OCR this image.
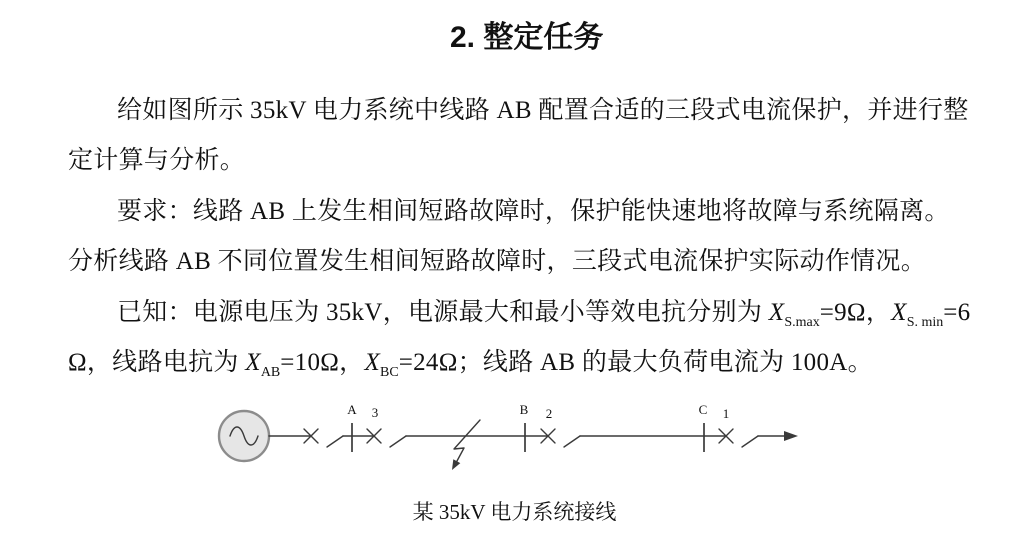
2. 整定任务
给如图所示 35kV 电力系统中线路 AB 配置合适的三段式电流保护，并进行整
定计算与分析。
要求：线路 AB 上发生相间短路故障时，保护能快速地将故障与系统隔离。
分析线路 AB 不同位置发生相间短路故障时，三段式电流保护实际动作情况。
已知：电源电压为 35kV，电源最大和最小等效电抗分别为 $X_{S.max}=9\Omega$，$X_{S. min}=6$
Ω，线路电抗为 $X_{AB}=10\Omega$，$X_{BC}=24\Omega$；线路 AB 的最大负荷电流为 100A。
A 3	B 2	C 1
某 35kV 电力系统接线
